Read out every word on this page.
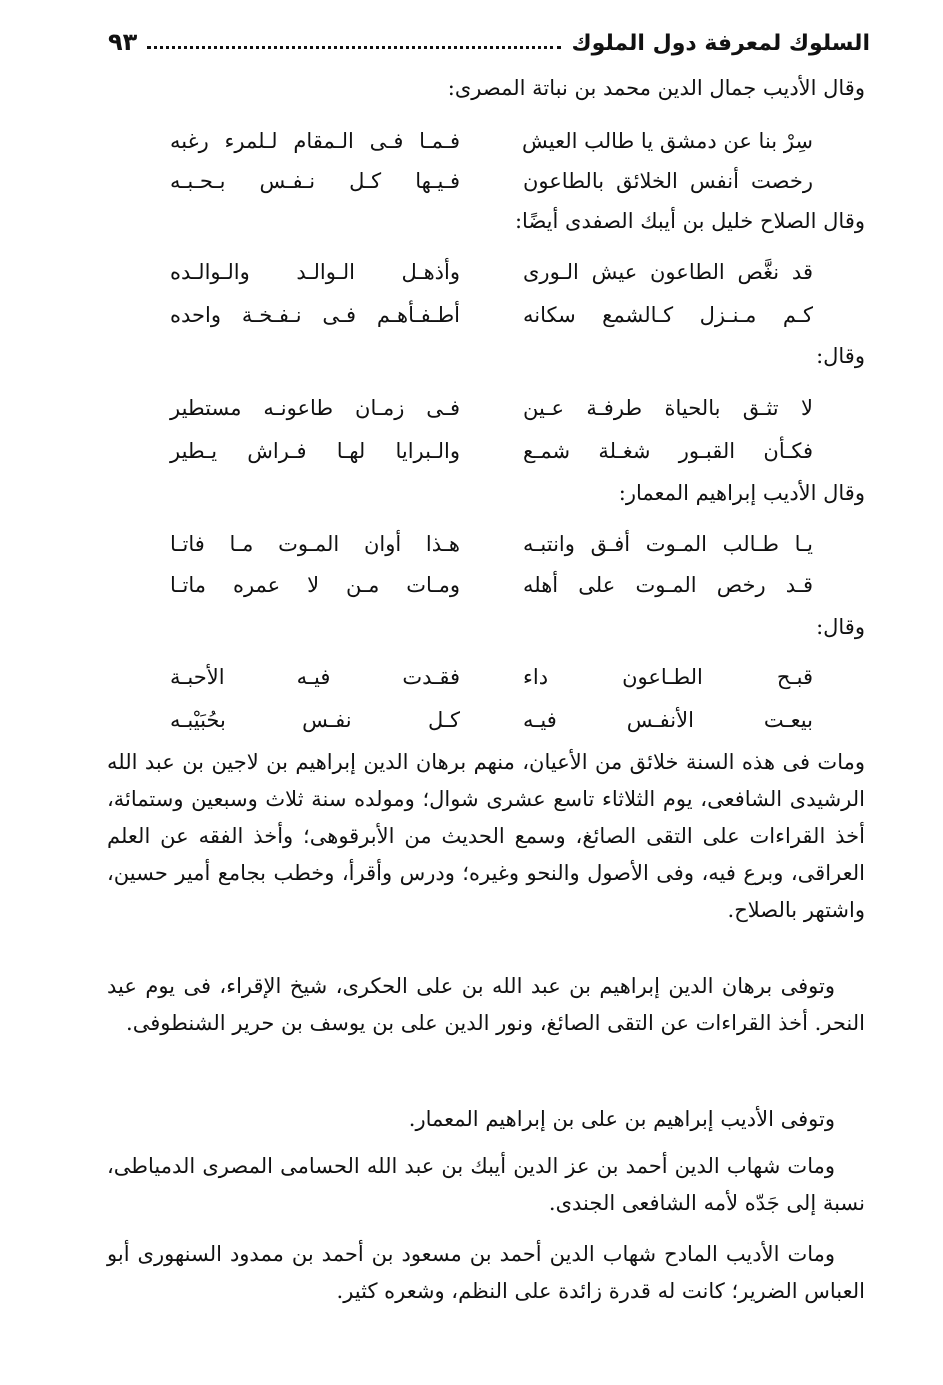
السلوك لمعرفة دول الملوك
٩٣
وقال الأديب جمال الدين محمد بن نباتة المصرى:
سِرْ بنا عن دمشق يا طالب العيش
فـمـا فـى الـمقام لـلمرء رغبه
رخصت أنفس الخلائق بالطاعون
فـيـها كـل نـفـس بـحـبـه
وقال الصلاح خليل بن أيبك الصفدى أيضًا:
قد نغَّص الطاعون عيش الـورى
وأذهـل الـوالـد والـوالـده
كـم مـنـزل كـالشمع سكانه
أطـفـأهـم فـى نـفـخـة واحده
وقال:
لا تثـق بالحياة طرفـة عـين
فـى زمـان طاعونـه مستطير
فكـأن القبـور شغـلة شمـع
والـبرايا لهـا فـراش يـطير
وقال الأديب إبراهيم المعمار:
يـا طـالب المـوت أفـق وانتبـه
هـذا أوان المـوت مـا فاتـا
قـد رخص المـوت على أهله
ومـات مـن لا عمره ماتـا
وقال:
قبـح الطـاعون داء
فقـدت فيـه الأحبـة
بيعـت الأنفـس فيـه
كـل نفـس بحُبَيْبـه
ومات فى هذه السنة خلائق من الأعيان، منهم برهان الدين إبراهيم بن لاجين بن عبد الله الرشيدى الشافعى، يوم الثلاثاء تاسع عشرى شوال؛ ومولده سنة ثلاث وسبعين وستمائة، أخذ القراءات على التقى الصائغ، وسمع الحديث من الأبرقوهى؛ وأخذ الفقه عن العلم العراقى، وبرع فيه، وفى الأصول والنحو وغيره؛ ودرس وأقرأ، وخطب بجامع أمير حسين، واشتهر بالصلاح.
وتوفى برهان الدين إبراهيم بن عبد الله بن على الحكرى، شيخ الإقراء، فى يوم عيد النحر. أخذ القراءات عن التقى الصائغ، ونور الدين على بن يوسف بن حرير الشنطوفى.
وتوفى الأديب إبراهيم بن على بن إبراهيم المعمار.
ومات شهاب الدين أحمد بن عز الدين أيبك بن عبد الله الحسامى المصرى الدمياطى، نسبة إلى جَدّه لأمه الشافعى الجندى.
ومات الأديب المادح شهاب الدين أحمد بن مسعود بن أحمد بن ممدود السنهورى أبو العباس الضرير؛ كانت له قدرة زائدة على النظم، وشعره كثير.
